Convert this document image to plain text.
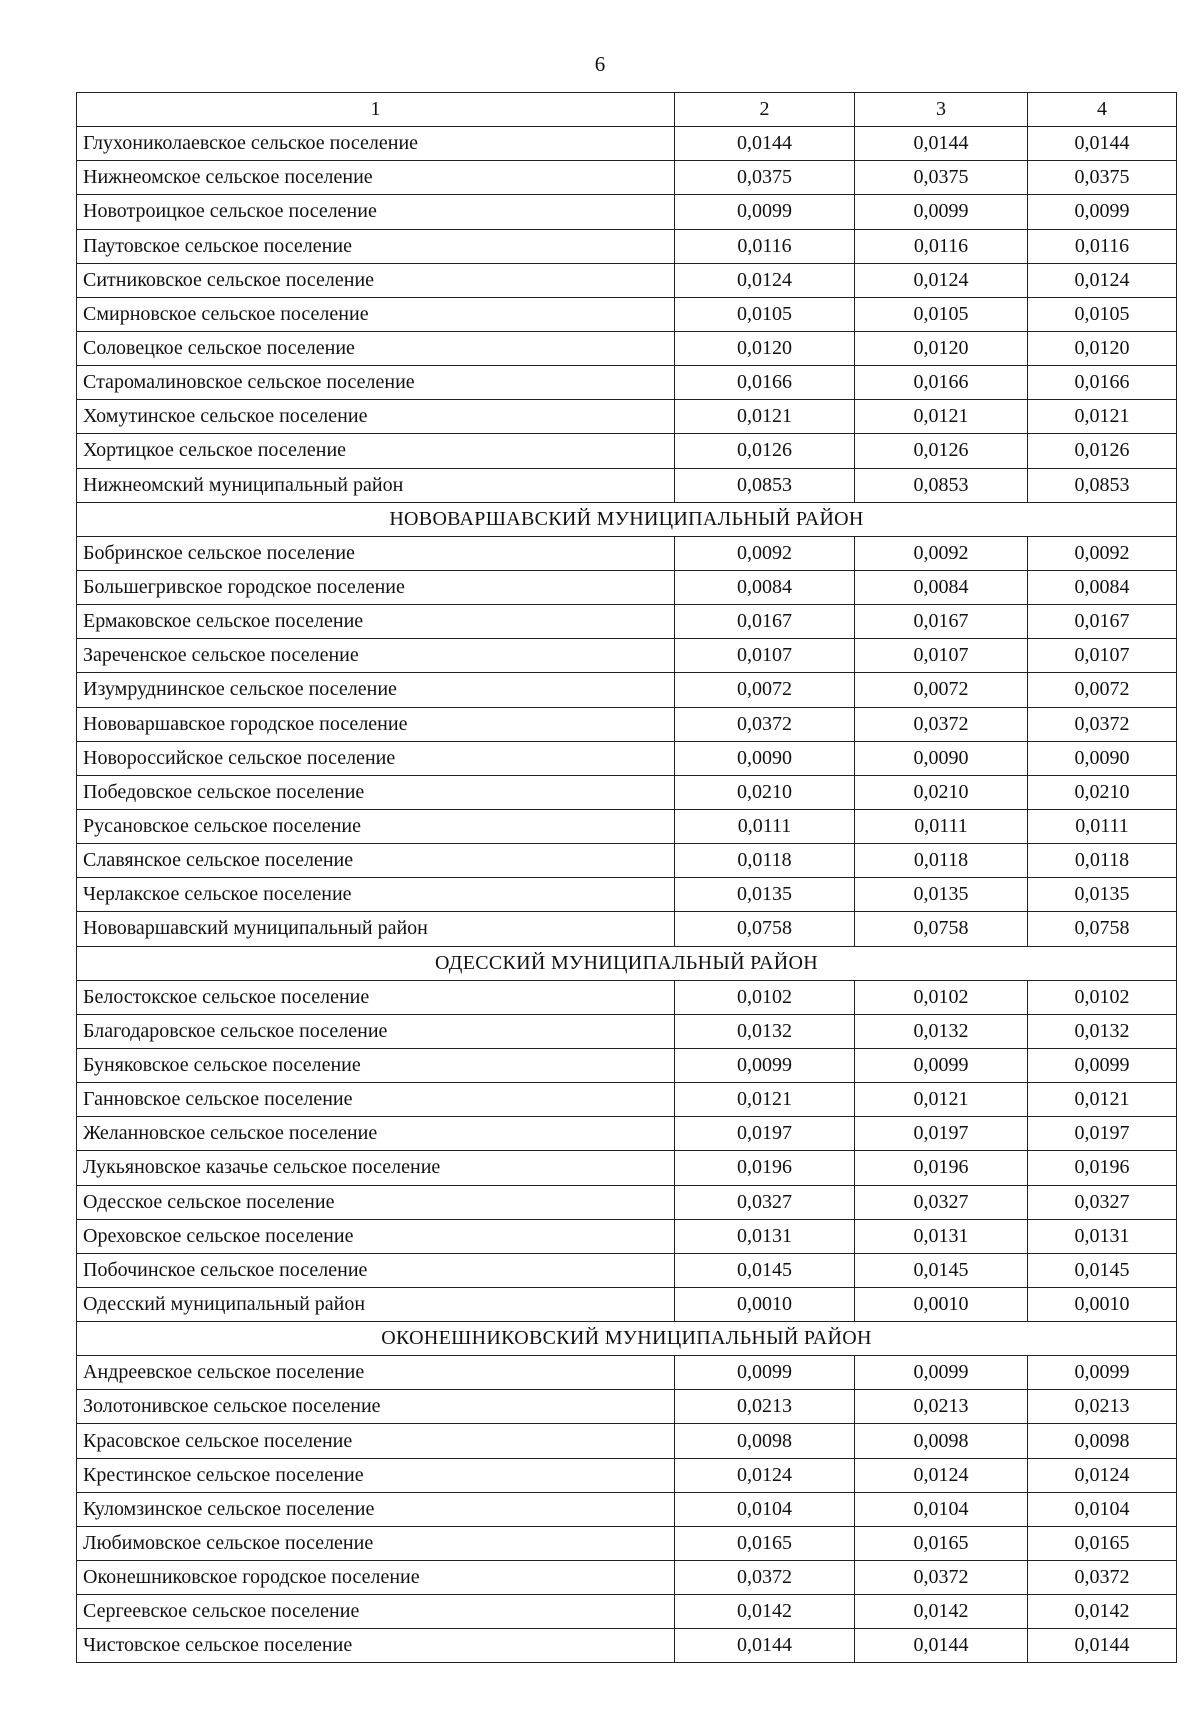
6
1	2	3	4
Глухониколаевское сельское поселение	0,0144	0,0144	0,0144
Нижнеомское сельское поселение	0,0375	0,0375	0,0375
Новотроицкое сельское поселение	0,0099	0,0099	0,0099
Паутовское сельское поселение	0,0116	0,0116	0,0116
Ситниковское сельское поселение	0,0124	0,0124	0,0124
Смирновское сельское поселение	0,0105	0,0105	0,0105
Соловецкое сельское поселение	0,0120	0,0120	0,0120
Старомалиновское сельское поселение	0,0166	0,0166	0,0166
Хомутинское сельское поселение	0,0121	0,0121	0,0121
Хортицкое сельское поселение	0,0126	0,0126	0,0126
Нижнеомский муниципальный район	0,0853	0,0853	0,0853
НОВОВАРШАВСКИЙ МУНИЦИПАЛЬНЫЙ РАЙОН			
Бобринское сельское поселение	0,0092	0,0092	0,0092
Большегривское городское поселение	0,0084	0,0084	0,0084
Ермаковское сельское поселение	0,0167	0,0167	0,0167
Зареченское сельское поселение	0,0107	0,0107	0,0107
Изумруднинское сельское поселение	0,0072	0,0072	0,0072
Нововаршавское городское поселение	0,0372	0,0372	0,0372
Новороссийское сельское поселение	0,0090	0,0090	0,0090
Победовское сельское поселение	0,0210	0,0210	0,0210
Русановское сельское поселение	0,0111	0,0111	0,0111
Славянское сельское поселение	0,0118	0,0118	0,0118
Черлакское сельское поселение	0,0135	0,0135	0,0135
Нововаршавский муниципальный район	0,0758	0,0758	0,0758
ОДЕССКИЙ МУНИЦИПАЛЬНЫЙ РАЙОН			
Белостокское сельское поселение	0,0102	0,0102	0,0102
Благодаровское сельское поселение	0,0132	0,0132	0,0132
Буняковское сельское поселение	0,0099	0,0099	0,0099
Ганновское сельское поселение	0,0121	0,0121	0,0121
Желанновское сельское поселение	0,0197	0,0197	0,0197
Лукьяновское казачье сельское поселение	0,0196	0,0196	0,0196
Одесское сельское поселение	0,0327	0,0327	0,0327
Ореховское сельское поселение	0,0131	0,0131	0,0131
Побочинское сельское поселение	0,0145	0,0145	0,0145
Одесский муниципальный район	0,0010	0,0010	0,0010
ОКОНЕШНИКОВСКИЙ МУНИЦИПАЛЬНЫЙ РАЙОН			
Андреевское сельское поселение	0,0099	0,0099	0,0099
Золотонивское сельское поселение	0,0213	0,0213	0,0213
Красовское сельское поселение	0,0098	0,0098	0,0098
Крестинское сельское поселение	0,0124	0,0124	0,0124
Куломзинское сельское поселение	0,0104	0,0104	0,0104
Любимовское сельское поселение	0,0165	0,0165	0,0165
Оконешниковское городское поселение	0,0372	0,0372	0,0372
Сергеевское сельское поселение	0,0142	0,0142	0,0142
Чистовское сельское поселение	0,0144	0,0144	0,0144
